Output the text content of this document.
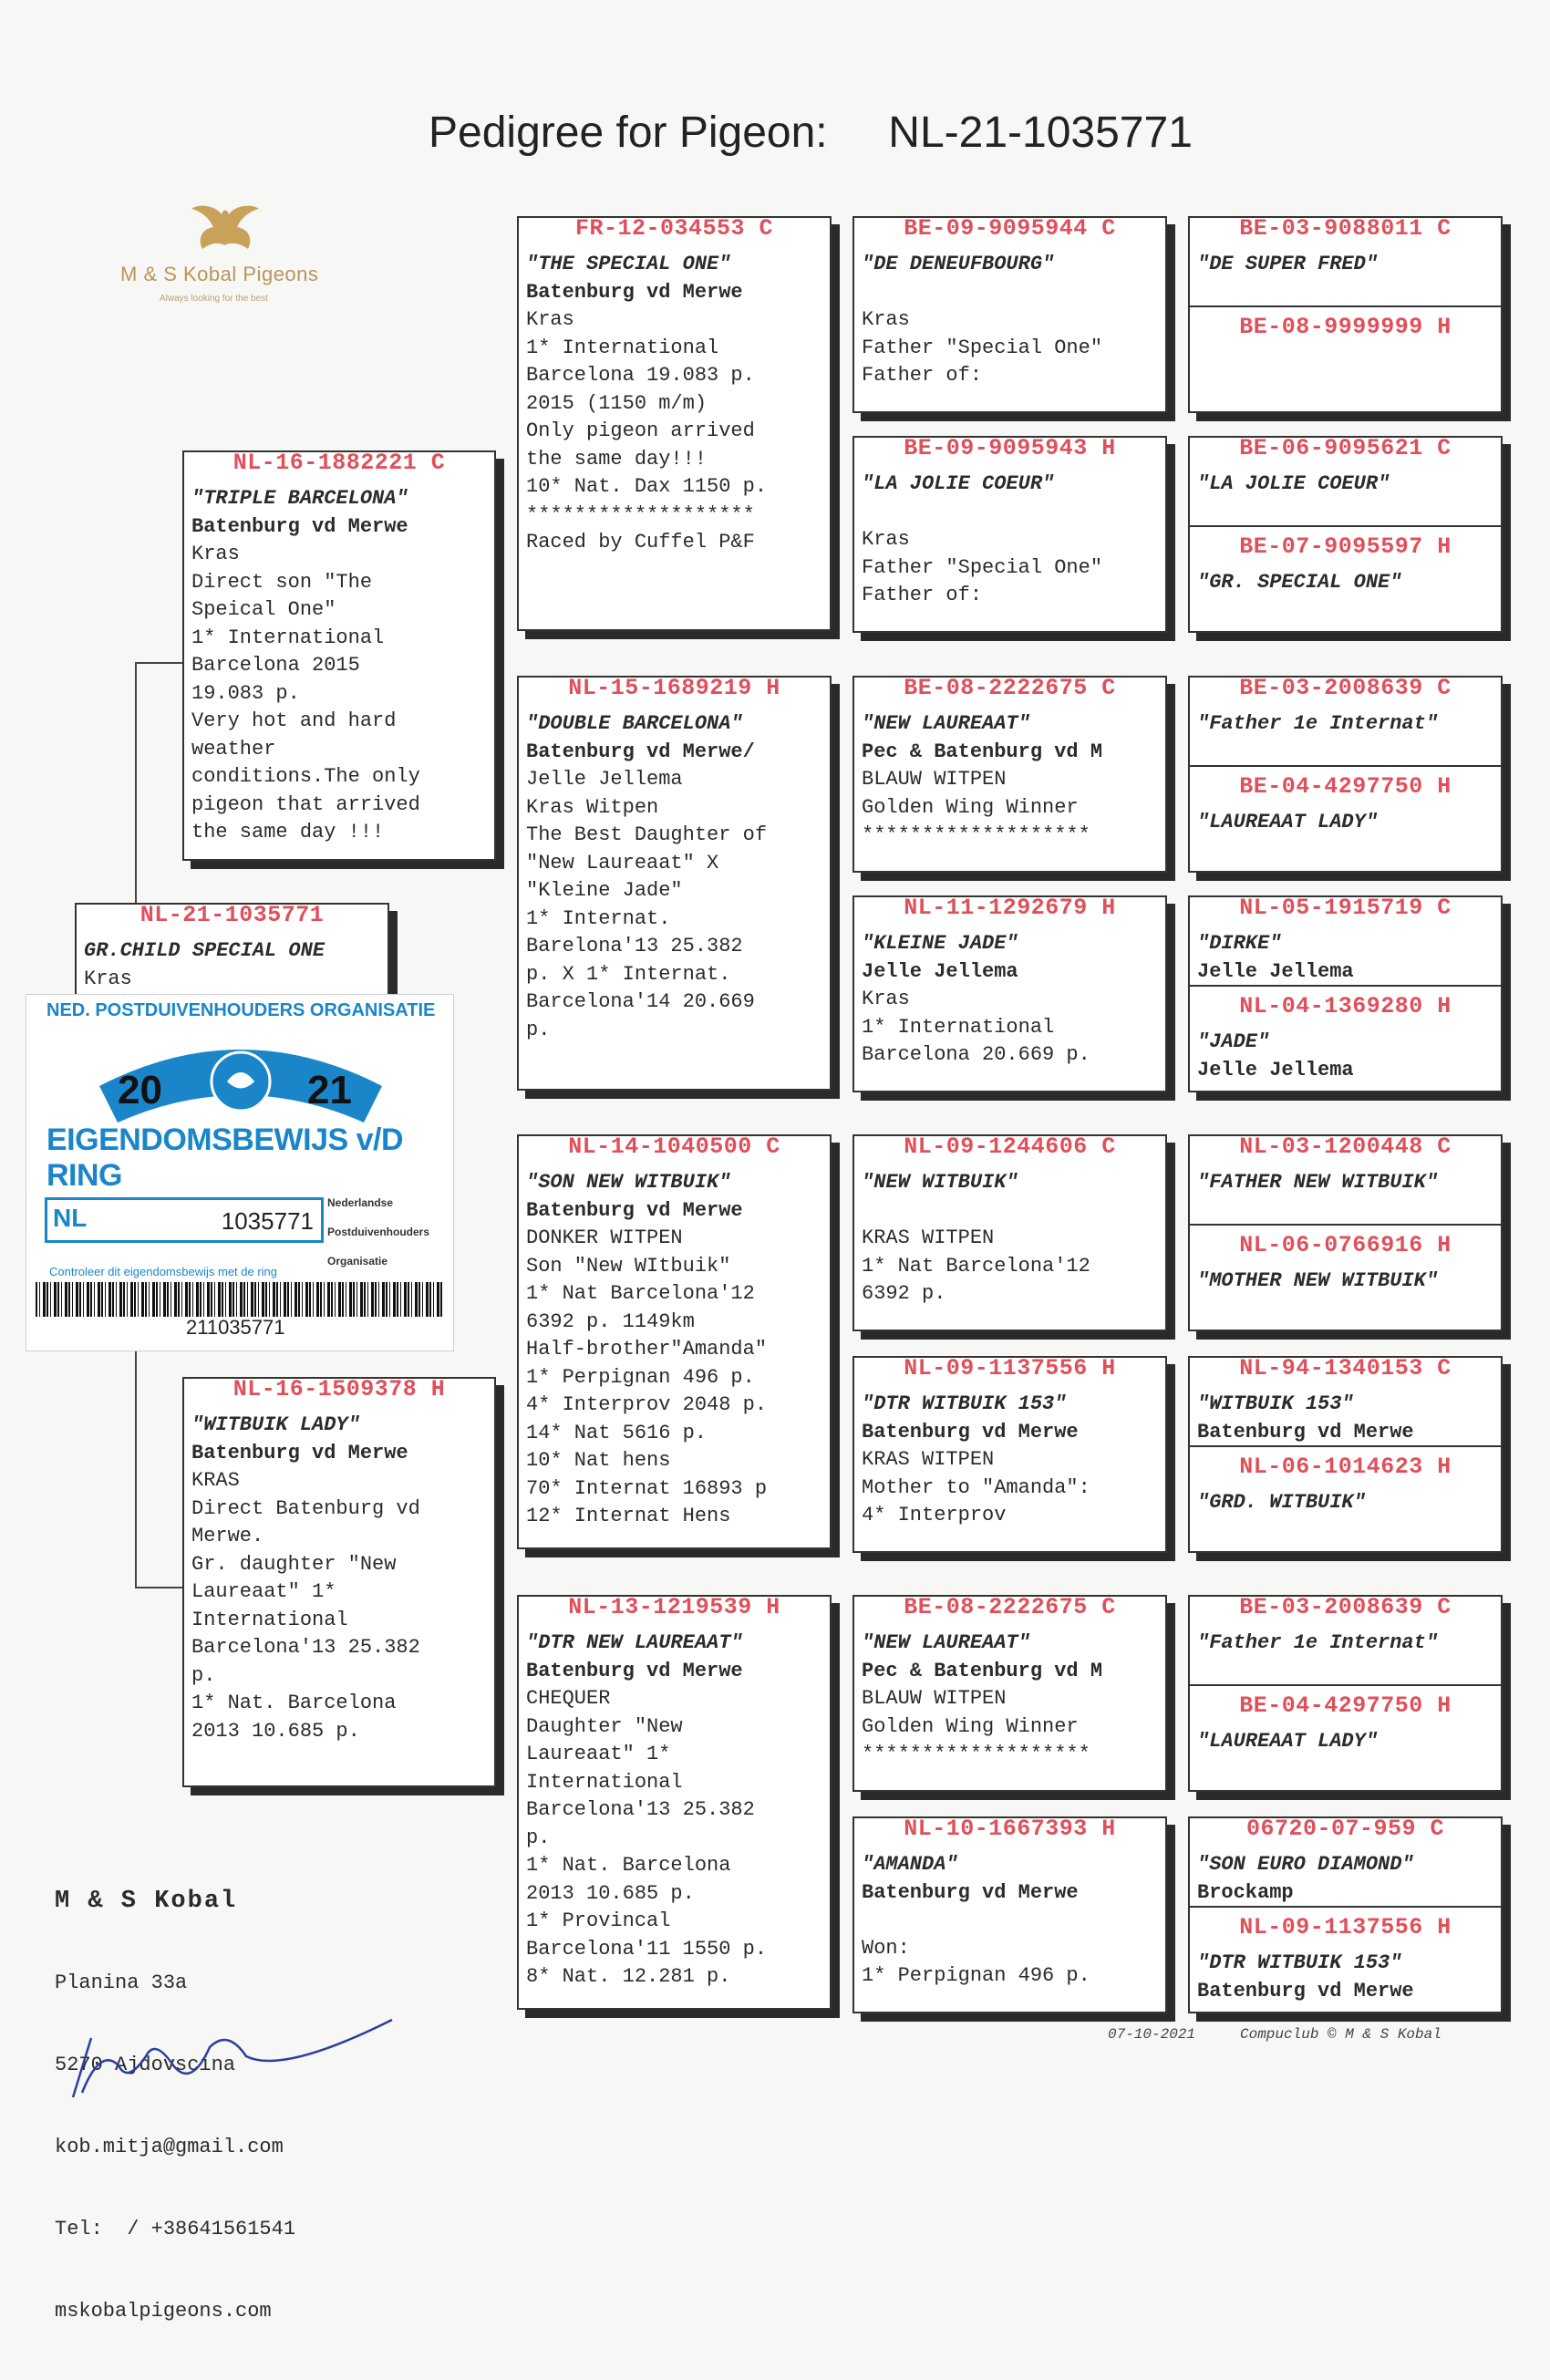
Pedigree for Pigeon:     NL-21-1035771
M & S Kobal Pigeons
Always looking for the best
NL-21-1035771
GR.CHILD SPECIAL ONE
Kras
NL-16-1882221 C
"TRIPLE BARCELONA"
Batenburg vd Merwe
Kras
Direct son "The
Speical One"
1* International
Barcelona 2015
19.083 p.
Very hot and hard
weather
conditions.The only
pigeon that arrived
the same day !!!
NL-16-1509378 H
"WITBUIK LADY"
Batenburg vd Merwe
KRAS
Direct Batenburg vd
Merwe.
Gr. daughter "New
Laureaat" 1*
International
Barcelona'13 25.382
p.
1* Nat. Barcelona
2013 10.685 p.
FR-12-034553 C
"THE SPECIAL ONE"
Batenburg vd Merwe
Kras
1* International
Barcelona 19.083 p.
2015 (1150 m/m)
Only pigeon arrived
the same day!!!
10* Nat. Dax 1150 p.
*******************
Raced by Cuffel P&F
NL-15-1689219 H
"DOUBLE BARCELONA"
Batenburg vd Merwe/
Jelle Jellema
Kras Witpen
The Best Daughter of
"New Laureaat" X
"Kleine Jade"
1* Internat.
Barelona'13 25.382
p. X 1* Internat.
Barcelona'14 20.669
p.
NL-14-1040500 C
"SON NEW WITBUIK"
Batenburg vd Merwe
DONKER WITPEN
Son "New WItbuik"
1* Nat Barcelona'12
6392 p. 1149km
Half-brother"Amanda"
1* Perpignan 496 p.
4* Interprov 2048 p.
14* Nat 5616 p.
10* Nat hens
70* Internat 16893 p
12* Internat Hens
NL-13-1219539 H
"DTR NEW LAUREAAT"
Batenburg vd Merwe
CHEQUER
Daughter "New
Laureaat" 1*
International
Barcelona'13 25.382
p.
1* Nat. Barcelona
2013 10.685 p.
1* Provincal
Barcelona'11 1550 p.
8* Nat. 12.281 p.
BE-09-9095944 C
"DE DENEUFBOURG"
Kras
Father "Special One"
Father of:
BE-09-9095943 H
"LA JOLIE COEUR"
Kras
Father "Special One"
Father of:
BE-08-2222675 C
"NEW LAUREAAT"
Pec & Batenburg vd M
BLAUW WITPEN
Golden Wing Winner
*******************
NL-11-1292679 H
"KLEINE JADE"
Jelle Jellema
Kras
1* International
Barcelona 20.669 p.
NL-09-1244606 C
"NEW WITBUIK"
KRAS WITPEN
1* Nat Barcelona'12
6392 p.
NL-09-1137556 H
"DTR WITBUIK 153"
Batenburg vd Merwe
KRAS WITPEN
Mother to "Amanda":
4* Interprov
BE-08-2222675 C
"NEW LAUREAAT"
Pec & Batenburg vd M
BLAUW WITPEN
Golden Wing Winner
*******************
NL-10-1667393 H
"AMANDA"
Batenburg vd Merwe
Won:
1* Perpignan 496 p.
BE-03-9088011 C
"DE SUPER FRED"
BE-08-9999999 H
BE-06-9095621 C
"LA JOLIE COEUR"
BE-07-9095597 H
"GR. SPECIAL ONE"
BE-03-2008639 C
"Father 1e Internat"
BE-04-4297750 H
"LAUREAAT LADY"
NL-05-1915719 C
"DIRKE"
Jelle Jellema
NL-04-1369280 H
"JADE"
Jelle Jellema
NL-03-1200448 C
"FATHER NEW WITBUIK"
NL-06-0766916 H
"MOTHER NEW WITBUIK"
NL-94-1340153 C
"WITBUIK 153"
Batenburg vd Merwe
NL-06-1014623 H
"GRD. WITBUIK"
BE-03-2008639 C
"Father 1e Internat"
BE-04-4297750 H
"LAUREAAT LADY"
06720-07-959 C
"SON EURO DIAMOND"
Brockamp
NL-09-1137556 H
"DTR WITBUIK 153"
Batenburg vd Merwe
NED. POSTDUIVENHOUDERS ORGANISATIE
20	21
EIGENDOMSBEWIJS v/D RING
NL	1035771
Nederlandse
Postduivenhouders
Organisatie
Controleer dit eigendomsbewijs met de ring
211035771

M & S Kobal

Planina 33a

5270 Ajdovscina

kob.mitja@gmail.com

Tel:  / +38641561541

mskobalpigeons.com

07-10-2021	Compuclub © M & S Kobal
